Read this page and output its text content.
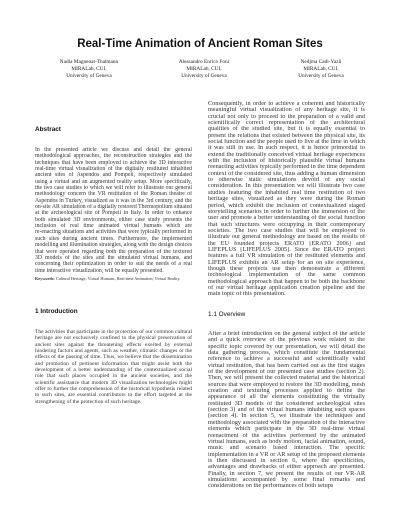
Real-Time Animation of Ancient Roman Sites
Nadia Magnenat-Thalmann
MIRALab, CUI,
University of Geneva
Alessandro Enrico Foni
MIRALab, CUI,
University of Geneva
Nedjma Cadi-Yazli
MIRALab, CUI,
University of Geneva
Abstract
In the presented article we discuss and detail the general
methodological approaches, the reconstruction strategies and the
techniques that have been employed to achieve the 3D interactive
real-time virtual visualization of the digitally restituted inhabited
ancient sites of Aspendos and Pompeii, respectively simulated
using a virtual and an augmented reality setup. More specifically,
the two case studies to which we will refer to illustrate our general
methodology concern the VR restitution of the Roman theatre of
Aspendos in Turkey, visualized as it was in the 3rd century, and the
on-site AR simulation of a digitally restored Thermopolium situated
at the archeological site of Pompeii in Italy. In order to enhance
both simulated 3D environments, either case study presents the
inclusion of real time animated virtual humans which are
re-enacting situations and activities that were typically performed in
such sites during ancient times. Furthermore, the implemented
modelling and illumination strategies, along with the design choices
that were operated regarding both the preparation of the textured
3D models of the sites and the simulated virtual humans, and
concerning their optimization in order to suit the needs of a real
time interactive visualization, will be equally presented.
Keywords: Cultural Heritage, Virtual Humans, Real-time Animation, Virtual Reality.
1 Introduction
The activities that participate in the protection of our common cultural
heritage are not exclusively confined to the physical preservation of
ancient sites against the threatening effects exerted by external
hindering factors and agents, such as weather, climatic changes or the
effects of the passing of time. Thus, we believe that the dissemination
and promotion of pertinent information that might assist both the
development of a better understanding of the contextualized social
role that such places occupied in the ancient societies, and the
scientific assistance that modern 3D visualization technologies might
offer to further the comprehension of the historical hypothesis related
to such sites, are essential contributors to the effort targeted at the
strengthening of the protection of such heritage.
Consequently, in order to achieve a coherent and historically
meaningful virtual visualization of any heritage site, it is
crucial not only to proceed to the preparation of a valid and
scientifically correct representation of the architectural
qualities of the studied site, but it is equally essential to
present the relations that existed between the physical site, its
social function and the people used to live at the time in which
it was still in use. In such respect, it is hence primordial to
extend the traditionally conceived virtual heritage experiences
with the inclusion of historically plausible virtual humans
reenacting activities typically performed in the time dependent
context of the considered site, thus adding a human dimension
to otherwise static simulations devoid of any social
consideration. In this presentation we will illustrate two case
studies featuring the inhabited real time restitution of two
heritage sites, visualized as they were during the Roman
period, which exhibit the inclusion of contextualized staged
storytelling scenarios in order to further the immersion of the
user and promote a better understanding of the social function
that such structures were occupying in their contemporary
societies. The two case studies that will be employed to
illustrate our general methodology are based on the results of
the EU founded projects ERATO [ERATO 2006] and
LIFEPLUS [LIFEPLUS 2005]. Since the ERATO project
features a full VR simulation of the restituted elements and
LIFEPLUS exhibits an AR setup for an on site experience,
though these projects use then demonstrate a different
technological implementation of the same common
methodological approach that happen to be both the backbone
of our virtual heritage application creation pipeline and the
main topic of this presentation.
1.1 Overview
After a brief introduction on the general subject of the article
and a quick overview of the previous work related to the
specific topic covered by our presentation, we will detail the
data gathering process, which constitute the fundamental
reference to achieve a successful and scientifically valid
virtual restitution, that has been carried out as the first stages
of the development of our presented case studies (section 2).
Then, we will present the collected material and the historical
sources that were employed to restore the 3D modelling, mesh
creation and texturing processes applied to define the
appearance of all the elements constituting the virtually
restituted 3D models of the considered archeological sites
(section 3) and of the virtual humans inhabiting such spaces
(section 4). In section 5, we illustrate the techniques and
methodology associated with the preparation of the interactive
elements which participate in the 3D real-time virtual
reenactment of the activities performed by the animated
virtual humans, such as body motion, facial animation, sound,
music and scenario based interaction. The specific
implementation in a VR or AR setup of the proposed elements
is then discussed in section 6, where the specificities,
advantages and drawbacks of either approach are presented.
Finally, in section 7, we present the results of our VR-AR
simulations accompanied by some final remarks and
considerations on the performances of both setups
